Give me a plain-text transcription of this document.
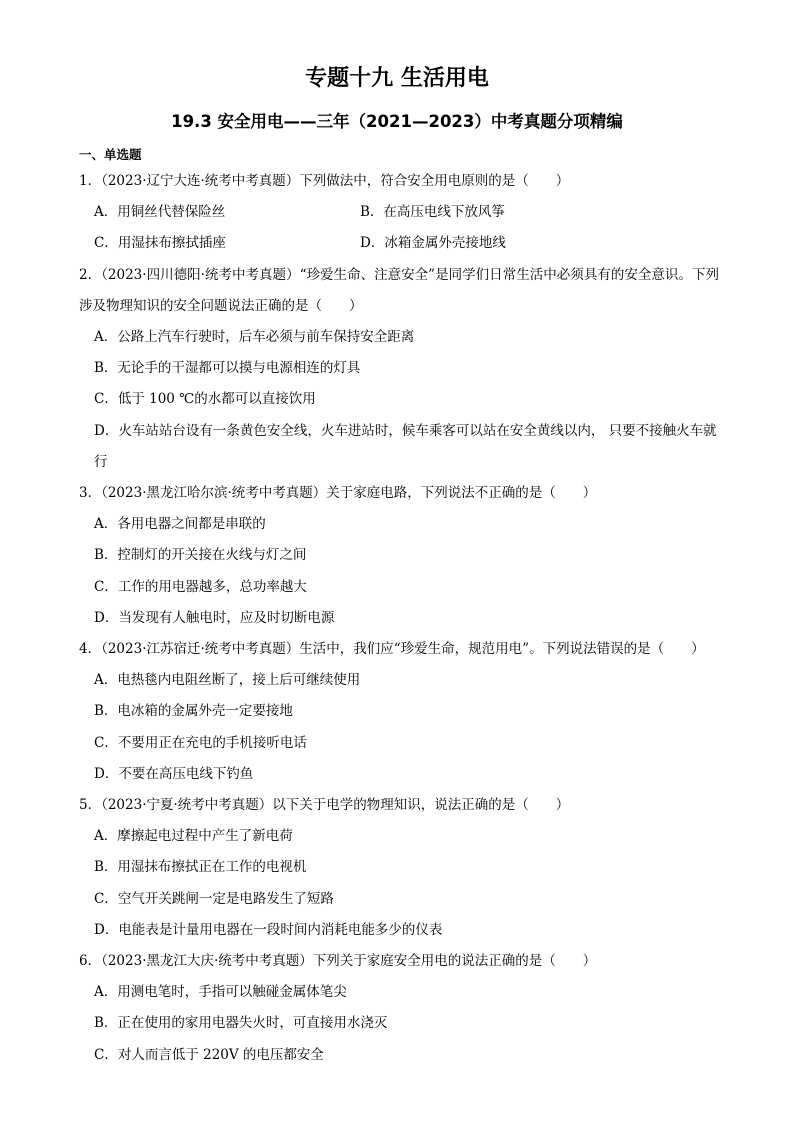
专题十九 生活用电
19.3 安全用电——三年（2021—2023）中考真题分项精编
一、单选题
1．（2023·辽宁大连·统考中考真题）下列做法中，符合安全用电原则的是（　　）
A．用铜丝代替保险丝	B．在高压电线下放风筝
C．用湿抹布擦拭插座	D．冰箱金属外壳接地线
2．（2023·四川德阳·统考中考真题）“珍爱生命、注意安全”是同学们日常生活中必须具有的安全意识。下列涉及物理知识的安全问题说法正确的是（　　）
A．公路上汽车行驶时，后车必须与前车保持安全距离
B．无论手的干湿都可以摸与电源相连的灯具
C．低于 100 ℃的水都可以直接饮用
D．火车站站台设有一条黄色安全线，火车进站时，候车乘客可以站在安全黄线以内， 只要不接触火车就行
3．（2023·黑龙江哈尔滨·统考中考真题）关于家庭电路，下列说法不正确的是（　　）
A．各用电器之间都是串联的
B．控制灯的开关接在火线与灯之间
C．工作的用电器越多，总功率越大
D．当发现有人触电时，应及时切断电源
4．（2023·江苏宿迁·统考中考真题）生活中，我们应“珍爱生命，规范用电”。下列说法错误的是（　　）
A．电热毯内电阻丝断了，接上后可继续使用
B．电冰箱的金属外壳一定要接地
C．不要用正在充电的手机接听电话
D．不要在高压电线下钓鱼
5．（2023·宁夏·统考中考真题）以下关于电学的物理知识，说法正确的是（　　）
A．摩擦起电过程中产生了新电荷
B．用湿抹布擦拭正在工作的电视机
C．空气开关跳闸一定是电路发生了短路
D．电能表是计量用电器在一段时间内消耗电能多少的仪表
6．（2023·黑龙江大庆·统考中考真题）下列关于家庭安全用电的说法正确的是（　　）
A．用测电笔时，手指可以触碰金属体笔尖
B．正在使用的家用电器失火时，可直接用水浇灭
C．对人而言低于 220V 的电压都安全
